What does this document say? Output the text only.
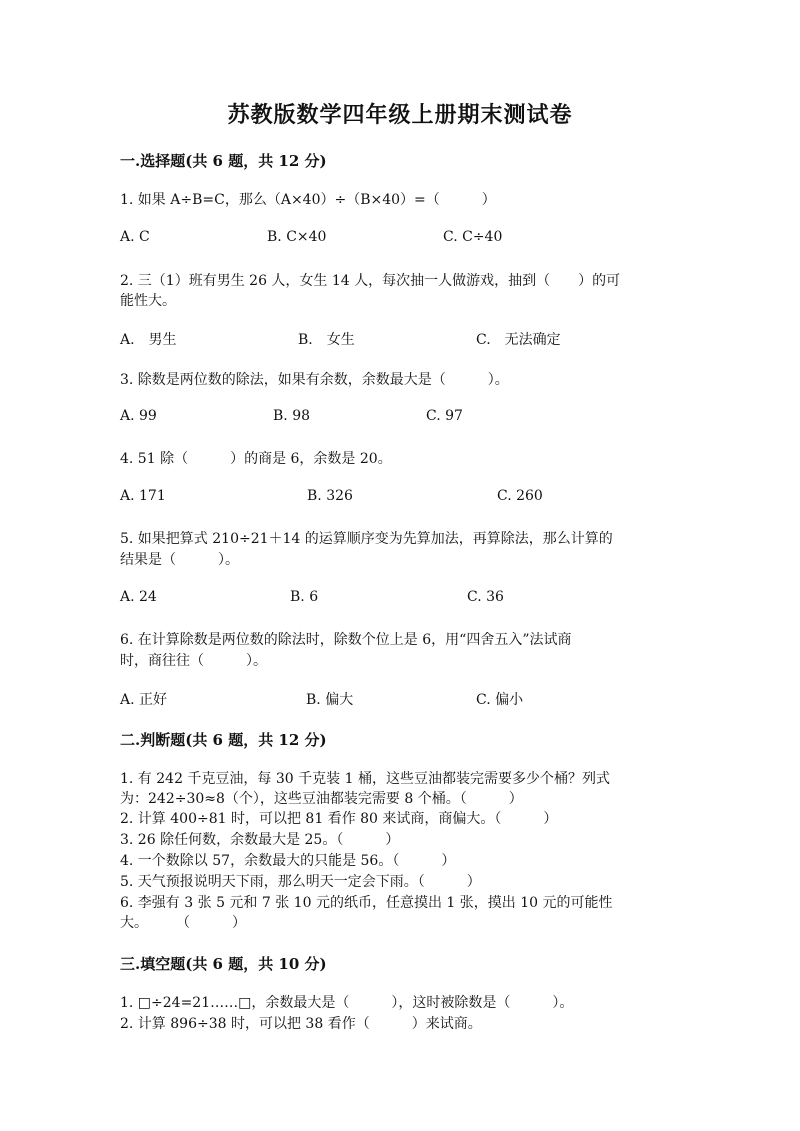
苏教版数学四年级上册期末测试卷
一.选择题(共 6 题，共 12 分)
1. 如果 A÷B=C，那么（A×40）÷（B×40）=（　　　）
A. C	B. C×40	C. C÷40
2. 三（1）班有男生 26 人，女生 14 人，每次抽一人做游戏，抽到（　　）的可
能性大。
A.　男生	B.　女生	C.　无法确定
3. 除数是两位数的除法，如果有余数，余数最大是（　　　）。
A. 99	B. 98	C. 97
4. 51 除（　　　）的商是 6，余数是 20。
A. 171	B. 326	C. 260
5. 如果把算式 210÷21＋14 的运算顺序变为先算加法，再算除法，那么计算的
结果是（　　　）。
A. 24	B. 6	C. 36
6. 在计算除数是两位数的除法时，除数个位上是 6，用“四舍五入”法试商
时，商往往（　　　）。
A. 正好	B. 偏大	C. 偏小
二.判断题(共 6 题，共 12 分)
1. 有 242 千克豆油，每 30 千克装 1 桶，这些豆油都装完需要多少个桶？列式
为：242÷30≈8（个），这些豆油都装完需要 8 个桶。（　　　）
2. 计算 400÷81 时，可以把 81 看作 80 来试商，商偏大。（　　　）
3. 26 除任何数，余数最大是 25。（　　　）
4. 一个数除以 57，余数最大的只能是 56。（　　　）
5. 天气预报说明天下雨，那么明天一定会下雨。（　　　）
6. 李强有 3 张 5 元和 7 张 10 元的纸币，任意摸出 1 张，摸出 10 元的可能性
大。　　　（　　　）
三.填空题(共 6 题，共 10 分)
1. □÷24=21……□，余数最大是（　　　），这时被除数是（　　　）。
2. 计算 896÷38 时，可以把 38 看作（　　　）来试商。
